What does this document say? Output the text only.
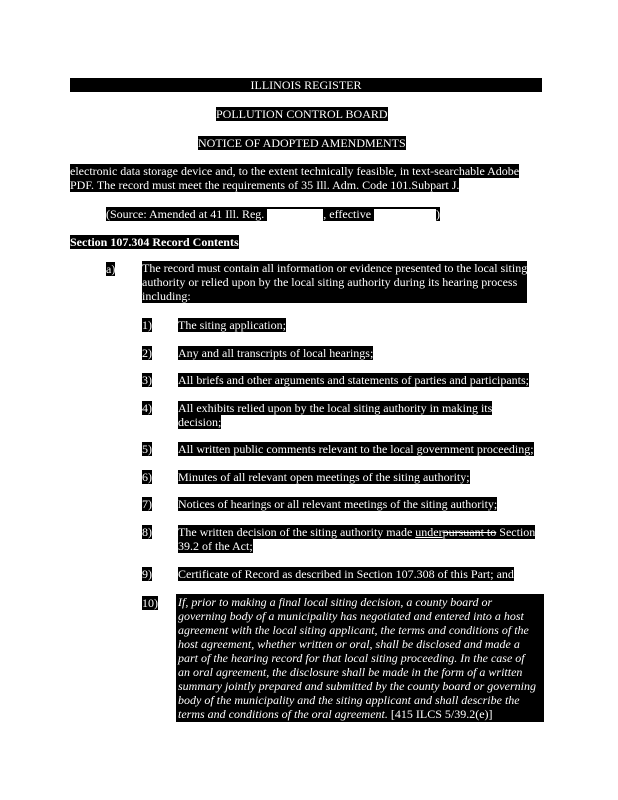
ILLINOIS REGISTER
POLLUTION CONTROL BOARD
NOTICE OF ADOPTED AMENDMENTS
electronic data storage device and, to the extent technically feasible, in text-searchable Adobe
PDF. The record must meet the requirements of 35 Ill. Adm. Code 101.Subpart J.
(Source: Amended at 41 Ill. Reg.	, effective	)
Section 107.304 Record Contents
a) The record must contain all information or evidence presented to the local siting
authority or relied upon by the local siting authority during its hearing process
including:
1) The siting application;
2) Any and all transcripts of local hearings;
3) All briefs and other arguments and statements of parties and participants;
4) All exhibits relied upon by the local siting authority in making its
decision;
5) All written public comments relevant to the local government proceeding;
6) Minutes of all relevant open meetings of the siting authority;
7) Notices of hearings or all relevant meetings of the siting authority;
8) The written decision of the siting authority made underpursuant to Section
39.2 of the Act;
9) Certificate of Record as described in Section 107.308 of this Part; and
10) If, prior to making a final local siting decision, a county board or
governing body of a municipality has negotiated and entered into a host
agreement with the local siting applicant, the terms and conditions of the
host agreement, whether written or oral, shall be disclosed and made a
part of the hearing record for that local siting proceeding. In the case of
an oral agreement, the disclosure shall be made in the form of a written
summary jointly prepared and submitted by the county board or governing
body of the municipality and the siting applicant and shall describe the
terms and conditions of the oral agreement. [415 ILCS 5/39.2(e)]
